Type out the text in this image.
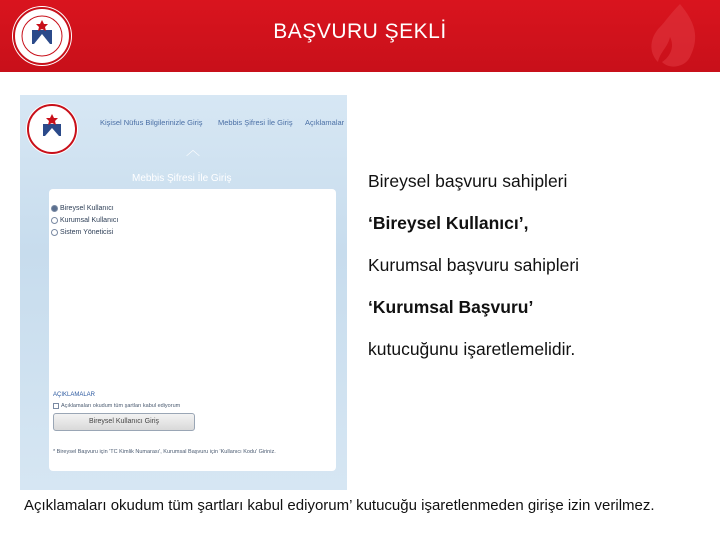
BAŞVURU ŞEKLİ
Kişisel Nüfus Bilgilerinizle Giriş Mebbis Şifresi İle Giriş Açıklamalar
︿
Mebbis Şifresi İle Giriş
Bireysel Kullanıcı
Kurumsal Kullanıcı
Sistem Yöneticisi
AÇIKLAMALAR
Açıklamaları okudum tüm şartları kabul ediyorum
Bireysel Kullanıcı Giriş
* Bireysel Başvuru için 'TC Kimlik Numarası', Kurumsal Başvuru için 'Kullanıcı Kodu' Giriniz.
Bireysel başvuru sahipleri
‘Bireysel Kullanıcı’,
Kurumsal başvuru sahipleri
‘Kurumsal Başvuru’
kutucuğunu işaretlemelidir.
Açıklamaları okudum tüm şartları kabul ediyorum’ kutucuğu işaretlenmeden girişe izin verilmez.
